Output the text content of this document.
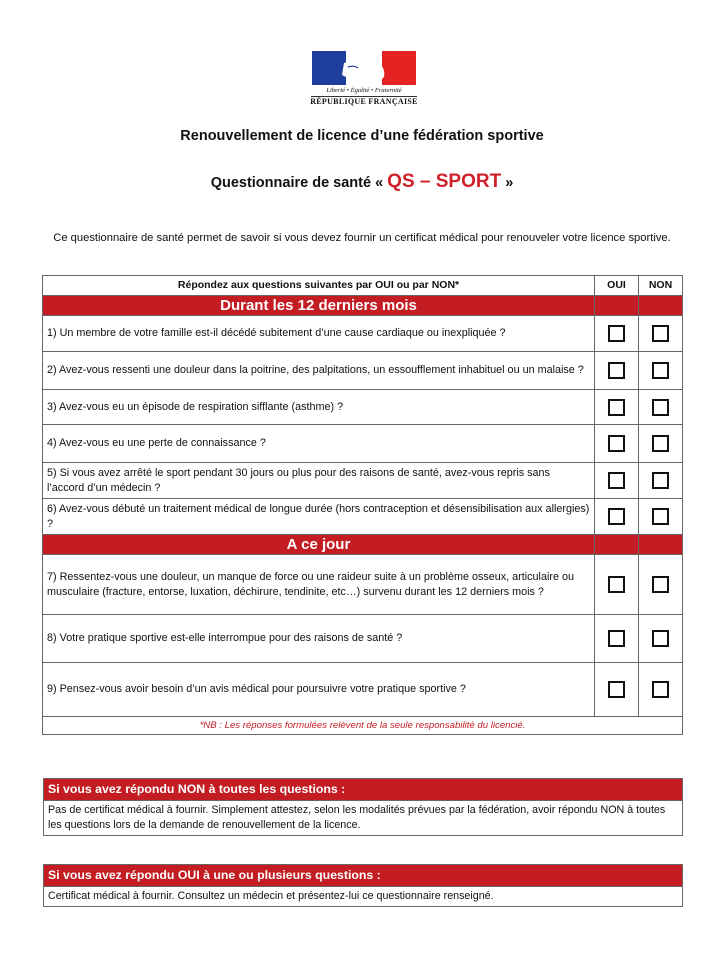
Liberté • Égalité • Fraternité
RÉPUBLIQUE FRANÇAISE
Renouvellement de licence d’une fédération sportive
Questionnaire de santé « QS – SPORT »
Ce questionnaire de santé permet de savoir si vous devez fournir un certificat médical pour renouveler votre licence sportive.
Répondez aux questions suivantes par OUI ou par NON*	OUI	NON
Durant les 12 derniers mois		
1) Un membre de votre famille est-il décédé subitement d’une cause cardiaque ou inexpliquée ?		
2) Avez-vous ressenti une douleur dans la poitrine, des palpitations, un essoufflement inhabituel ou un malaise ?		
3) Avez-vous eu un épisode de respiration sifflante (asthme) ?		
4) Avez-vous eu une perte de connaissance ?		
5) Si vous avez arrêté le sport pendant 30 jours ou plus pour des raisons de santé, avez-vous repris sans l’accord d’un médecin ?		
6) Avez-vous débuté un traitement médical de longue durée (hors contraception et désensibilisation aux allergies) ?		
A ce jour		
7) Ressentez-vous une douleur, un manque de force ou une raideur suite à un problème osseux, articulaire ou musculaire (fracture, entorse, luxation, déchirure, tendinite, etc…) survenu durant les 12 derniers mois ?		
8) Votre pratique sportive est-elle interrompue pour des raisons de santé ?		
9) Pensez-vous avoir besoin d’un avis médical pour poursuivre votre pratique sportive ?		
*NB : Les réponses formulées relèvent de la seule responsabilité du licencié.		
Si vous avez répondu NON à toutes les questions :
Pas de certificat médical à fournir. Simplement attestez, selon les modalités prévues par la fédération, avoir répondu NON à toutes les questions lors de la demande de renouvellement de la licence.
Si vous avez répondu OUI à une ou plusieurs questions :
Certificat médical à fournir. Consultez un médecin et présentez-lui ce questionnaire renseigné.
